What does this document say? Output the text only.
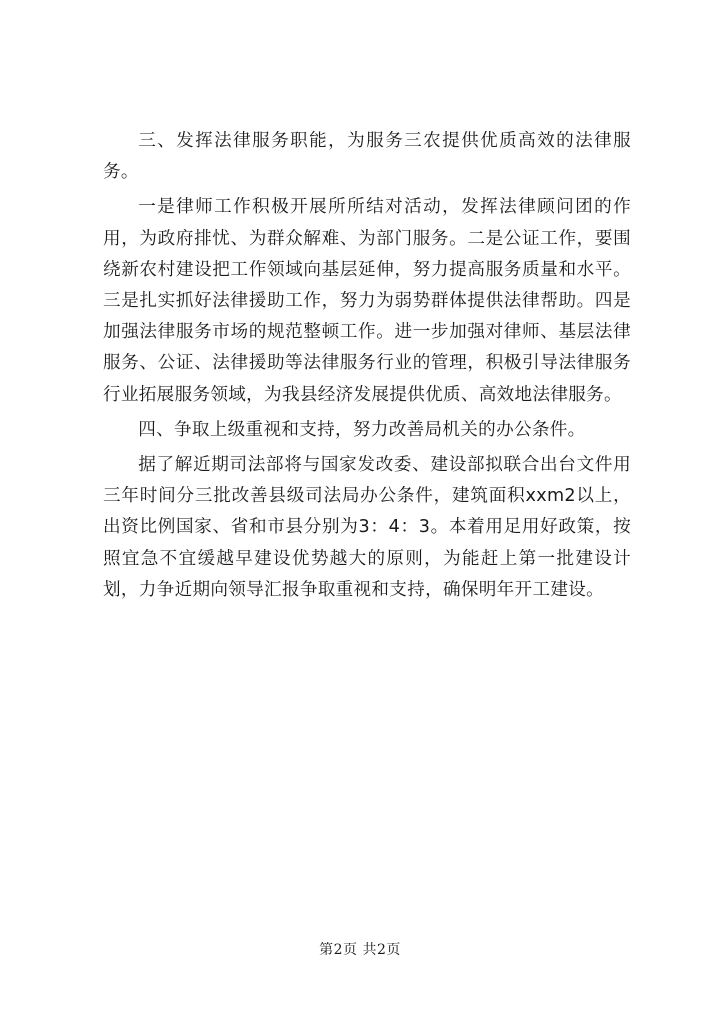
三、发挥法律服务职能，为服务三农提供优质高效的法律服务。

一是律师工作积极开展所所结对活动，发挥法律顾问团的作用，为政府排忧、为群众解难、为部门服务。二是公证工作，要围绕新农村建设把工作领域向基层延伸，努力提高服务质量和水平。三是扎实抓好法律援助工作，努力为弱势群体提供法律帮助。四是加强法律服务市场的规范整顿工作。进一步加强对律师、基层法律服务、公证、法律援助等法律服务行业的管理，积极引导法律服务行业拓展服务领域，为我县经济发展提供优质、高效地法律服务。

四、争取上级重视和支持，努力改善局机关的办公条件。

据了解近期司法部将与国家发改委、建设部拟联合出台文件用三年时间分三批改善县级司法局办公条件，建筑面积xxm2以上，出资比例国家、省和市县分别为3：4：3。本着用足用好政策，按照宜急不宜缓越早建设优势越大的原则，为能赶上第一批建设计划，力争近期向领导汇报争取重视和支持，确保明年开工建设。

第2页 共2页
